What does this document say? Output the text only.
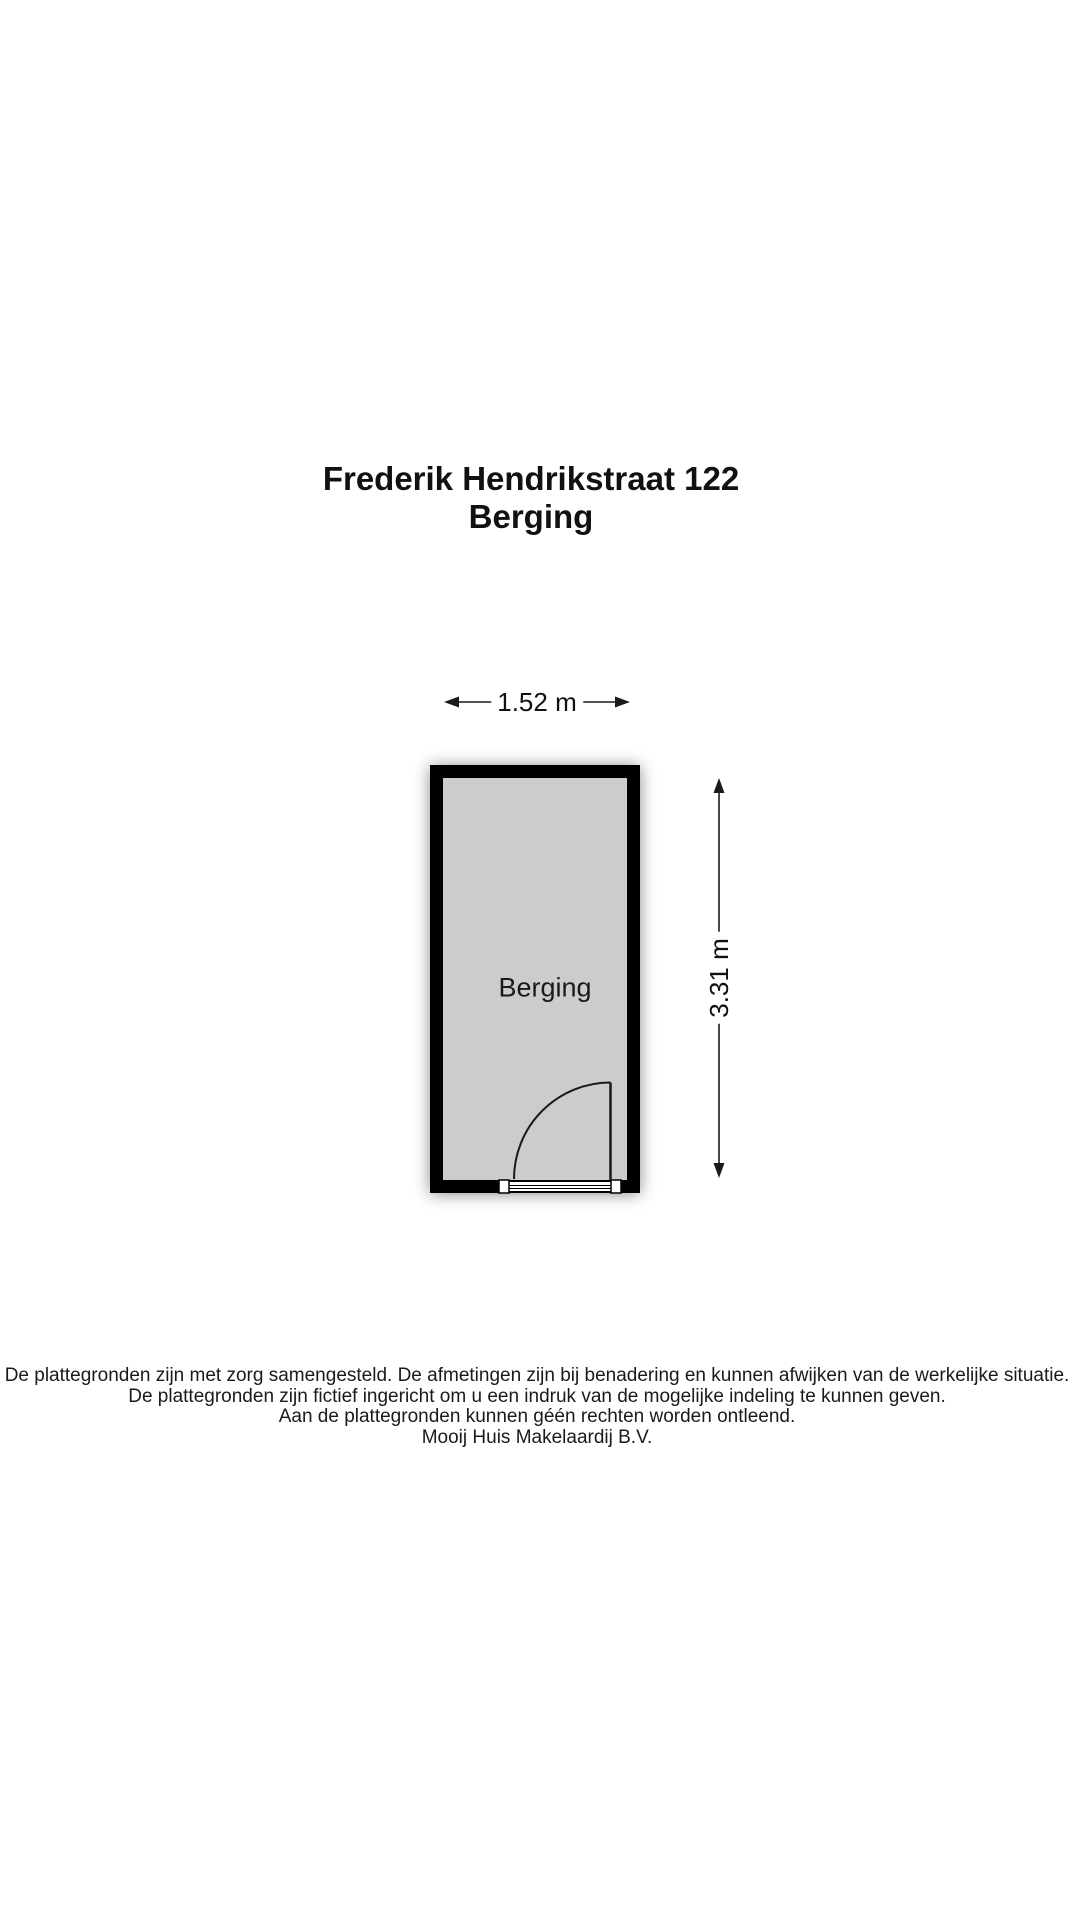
Frederik Hendrikstraat 122
Berging
1.52 m
3.31 m
Berging
De plattegronden zijn met zorg samengesteld. De afmetingen zijn bij benadering en kunnen afwijken van de werkelijke situatie.
De plattegronden zijn fictief ingericht om u een indruk van de mogelijke indeling te kunnen geven.
Aan de plattegronden kunnen géén rechten worden ontleend.
Mooij Huis Makelaardij B.V.
